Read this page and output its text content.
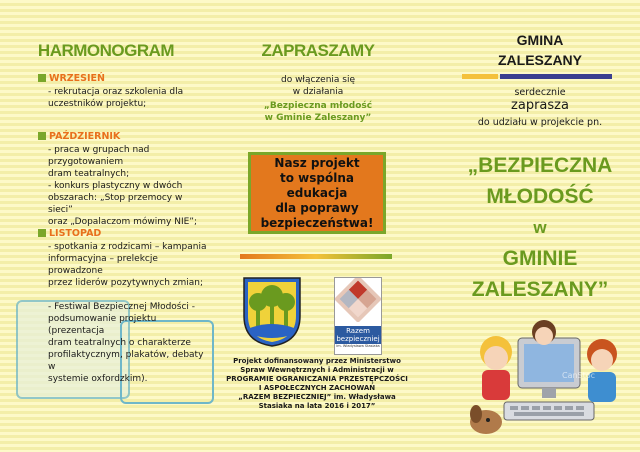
HARMONOGRAM
WRZESIEŃ
- rekrutacja oraz szkolenia dla
uczestników projektu;
PAŹDZIERNIK
- praca w grupach nad przygotowaniem
dram teatralnych;
- konkurs plastyczny w dwóch
obszarach: „Stop przemocy w sieci”
oraz „Dopalaczom mówimy NIE”;
LISTOPAD
- spotkania z rodzicami – kampania
informacyjna – prelekcje prowadzone
przez liderów pozytywnych zmian;
- Festiwal Bezpiecznej Młodości -
podsumowanie projektu (prezentacja
dram teatralnych o charakterze
profilaktycznym, plakatów, debaty w
systemie oxfordzkim).
ZAPRASZAMY
do włączenia się
w działania
„Bezpieczna młodość
w Gminie Zaleszany”
Nasz projekt
to wspólna edukacja
dla poprawy
bezpieczeństwa!
Razem
bezpieczniej
im. Władysława Stasiaka
Projekt dofinansowany przez Ministerstwo
Spraw Wewnętrznych i Administracji w
PROGRAMIE OGRANICZANIA PRZESTĘPCZOŚCI
I ASPOŁECZNYCH ZACHOWAŃ
„RAZEM BEZPIECZNIEJ” im. Władysława
Stasiaka na lata 2016 i 2017”
GMINA
ZALESZANY
serdecznie
zaprasza
do udziału w projekcie pn.
„BEZPIECZNA
MŁODOŚĆ
w
GMINIE
ZALESZANY”
CanStoc
